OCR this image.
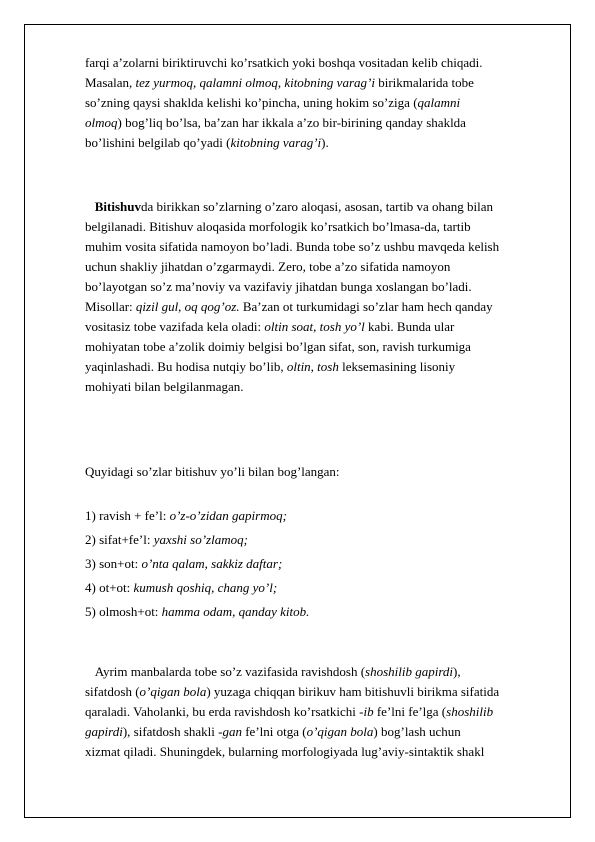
farqi a’zolarni biriktiruvchi ko’rsatkich yoki boshqa vositadan kelib chiqadi.
Masalan, tez yurmoq, qalamni olmoq, kitobning varag’i birikmalarida tobe
so’zning qaysi shaklda kelishi ko’pincha, uning hokim so’ziga (qalamni
olmoq) bog’liq bo’lsa, ba’zan har ikkala a’zo bir-birining qanday shaklda
bo’lishini belgilab qo’yadi (kitobning varag’i).
Bitishuvda birikkan so’zlarning o’zaro aloqasi, asosan, tartib va ohang bilan
belgilanadi. Bitishuv aloqasida morfologik ko’rsatkich bo’lmasa-da, tartib
muhim vosita sifatida namoyon bo’ladi. Bunda tobe so’z ushbu mavqeda kelish
uchun shakliy jihatdan o’zgarmaydi. Zero, tobe a’zo sifatida namoyon
bo’layotgan so’z ma’noviy va vazifaviy jihatdan bunga xoslangan bo’ladi.
Misollar: qizil gul, oq qog’oz. Ba’zan ot turkumidagi so’zlar ham hech qanday
vositasiz tobe vazifada kela oladi: oltin soat, tosh yo’l kabi. Bunda ular
mohiyatan tobe a’zolik doimiy belgisi bo’lgan sifat, son, ravish turkumiga
yaqinlashadi. Bu hodisa nutqiy bo’lib, oltin, tosh leksemasining lisoniy
mohiyati bilan belgilanmagan.
Quyidagi so’zlar bitishuv yo’li bilan bog’langan:
1) ravish + fe’l: o’z-o’zidan gapirmoq;
2) sifat+fe’l: yaxshi so’zlamoq;
3) son+ot: o’nta qalam, sakkiz daftar;
4) ot+ot: kumush qoshiq, chang yo’l;
5) olmosh+ot: hamma odam, qanday kitob.
Ayrim manbalarda tobe so’z vazifasida ravishdosh (shoshilib gapirdi),
sifatdosh (o’qigan bola) yuzaga chiqqan birikuv ham bitishuvli birikma sifatida
qaraladi. Vaholanki, bu erda ravishdosh ko’rsatkichi -ib fe’lni fe’lga (shoshilib
gapirdi), sifatdosh shakli -gan fe’lni otga (o’qigan bola) bog’lash uchun
xizmat qiladi. Shuningdek, bularning morfologiyada lug’aviy-sintaktik shakl
